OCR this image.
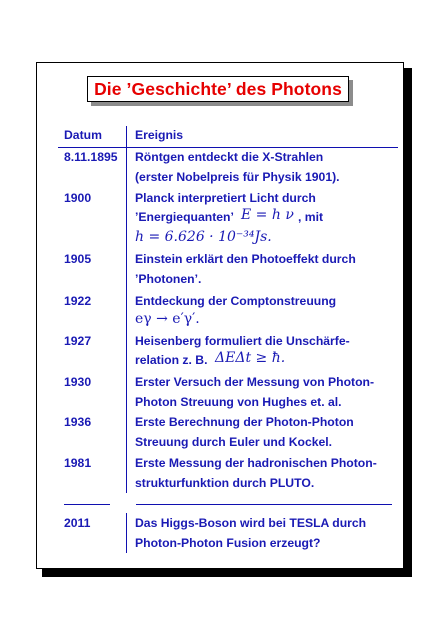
Die ’Geschichte’ des Photons
Datum	Ereignis
8.11.1895 Röntgen entdeckt die X-Strahlen
(erster Nobelpreis für Physik 1901).
1900	Planck interpretiert Licht durch
’Energiequanten’ E = h ν , mit
h = 6.626 · 10⁻³⁴Js.
1905	Einstein erklärt den Photoeffekt durch
’Photonen’.
1922	Entdeckung der Comptonstreuung
eγ → e′γ′.
1927	Heisenberg formuliert die Unschärfe-
relation z. B. ΔEΔt ≥ ħ.
1930	Erster Versuch der Messung von Photon-
Photon Streuung von Hughes et. al.
1936	Erste Berechnung der Photon-Photon
Streuung durch Euler und Kockel.
1981	Erste Messung der hadronischen Photon-
strukturfunktion durch PLUTO.
2011	Das Higgs-Boson wird bei TESLA durch
Photon-Photon Fusion erzeugt?
